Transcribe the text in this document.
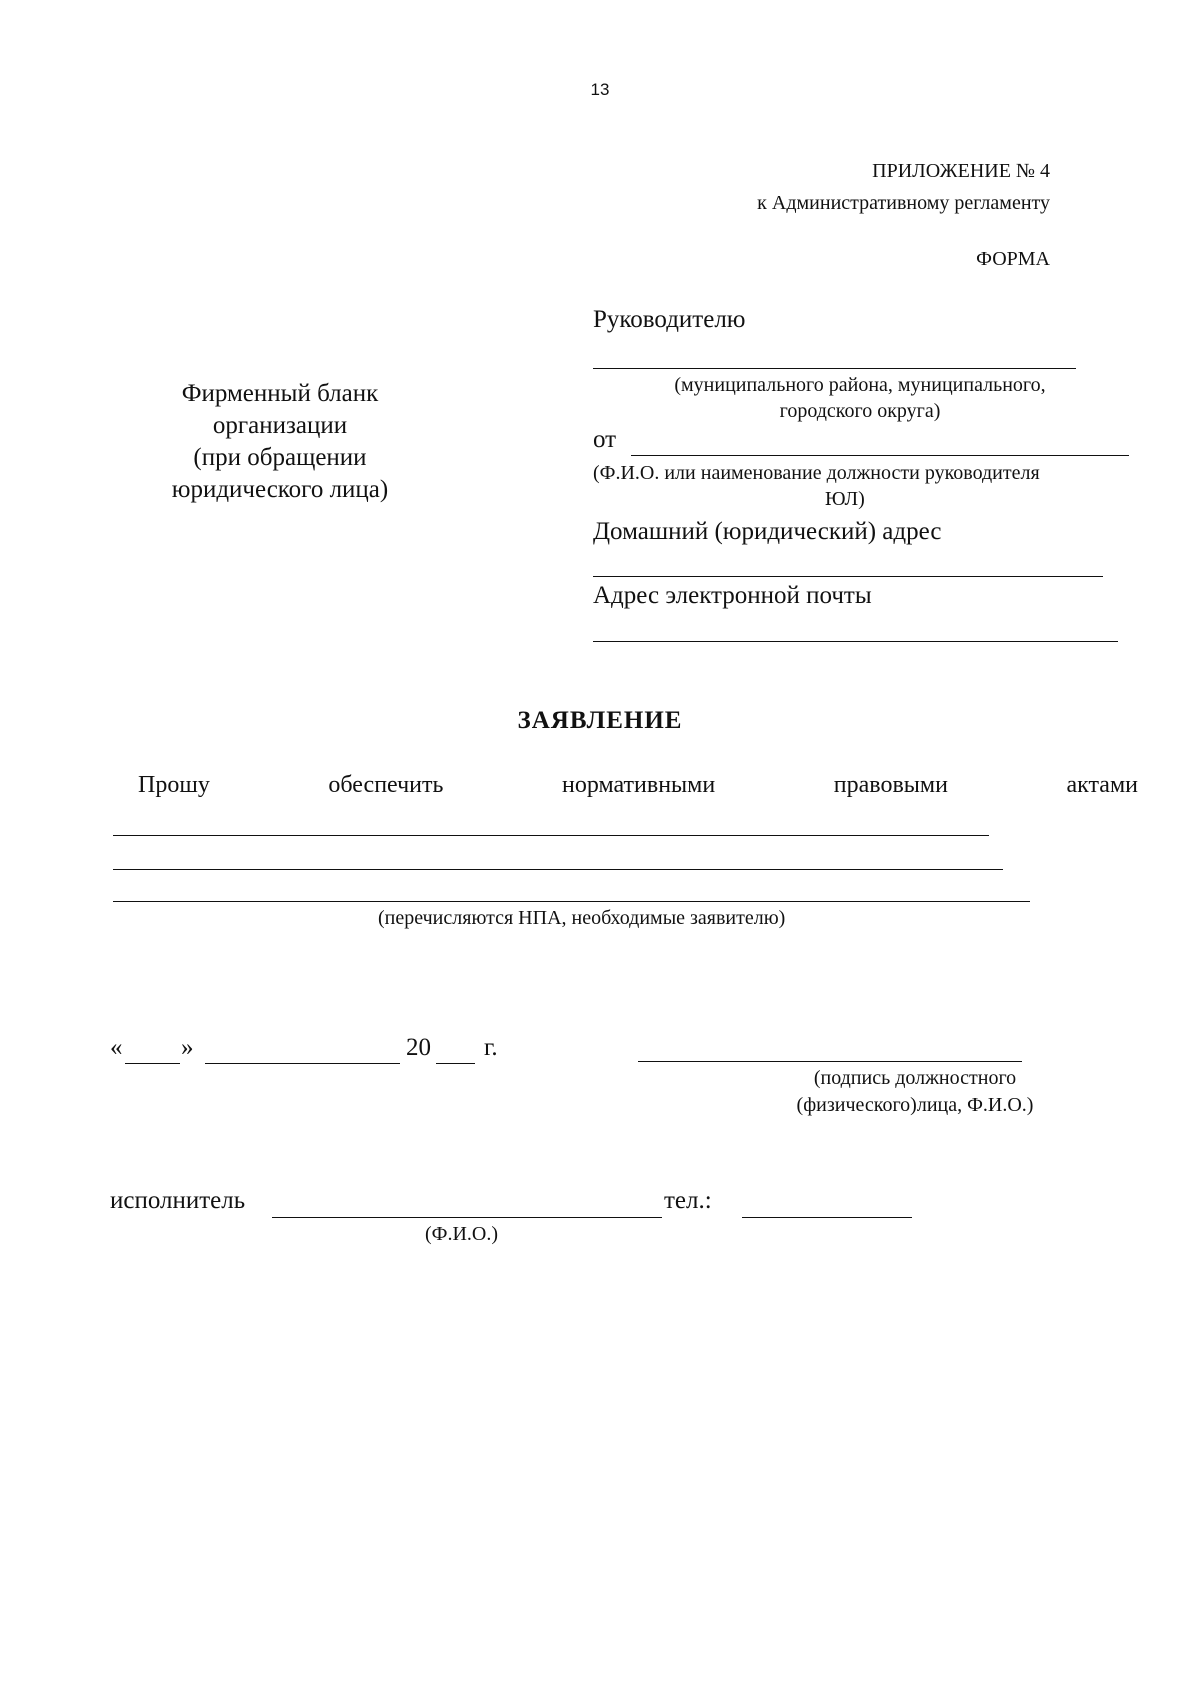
13
ПРИЛОЖЕНИЕ № 4
к Административному регламенту
ФОРМА
Фирменный бланк
организации
(при обращении
юридического лица)
Руководителю
(муниципального района, муниципального,
городского округа)
от
(Ф.И.О. или наименование должности руководителя
ЮЛ)
Домашний (юридический) адрес
Адрес электронной почты
ЗАЯВЛЕНИЕ
Прошу	обеспечить	нормативными	правовыми	актами
(перечисляются НПА, необходимые заявителю)
« »	20 г.
(подпись должностного
(физического)лица, Ф.И.О.)
исполнитель	тел.:
(Ф.И.О.)
